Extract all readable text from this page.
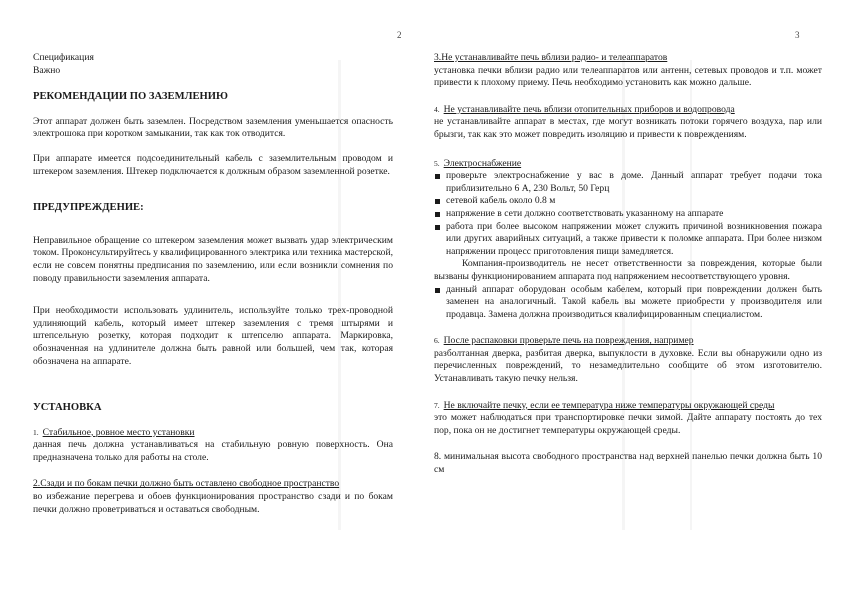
2

Спецификация

Важно

РЕКОМЕНДАЦИИ ПО ЗАЗЕМЛЕНИЮ

Этот аппарат должен быть заземлен. Посредством заземления уменьшается опасность электрошока при коротком замыкании, так как ток отводится.

При аппарате имеется подсоединительный кабель с заземлительным проводом и штекером заземления. Штекер подключается к должным образом заземленной розетке.

ПРЕДУПРЕЖДЕНИЕ:

Неправильное обращение со штекером заземления может вызвать удар электрическим током. Проконсультируйтесь у квалифицированного электрика или техника мастерской, если не совсем понятны предписания по заземлению, или если возникли сомнения по поводу правильности заземления аппарата.

При необходимости использовать удлинитель, используйте только трех-проводной удлиняющий кабель, который имеет штекер заземления с тремя штырями и штепсельную розетку, которая подходит к штепселю аппарата. Маркировка, обозначенная на удлинителе должна быть равной или большей, чем так, которая обозначена на аппарате.

УСТАНОВКА

1. Стабильное, ровное место установки

данная печь должна устанавливаться на стабильную ровную поверхность. Она предназначена только для работы на столе.

2.Сзади и по бокам печки должно быть оставлено свободное пространство

во избежание перегрева и обоев функционирования пространство сзади и по бокам печки должно проветриваться и оставаться свободным.

3

3.Не устанавливайте печь вблизи радио- и телеаппаратов

установка печки вблизи радио или телеаппаратов или антенн, сетевых проводов и т.п. может привести к плохому приему. Печь необходимо установить как можно дальше.

4. Не устанавливайте печь вблизи отопительных приборов и водопровода

не устанавливайте аппарат в местах, где могут возникать потоки горячего воздуха, пар или брызги, так как это может повредить изоляцию и привести к повреждениям.

5. Электроснабжение

проверьте электроснабжение у вас в доме. Данный аппарат требует подачи тока приблизительно 6 А, 230 Вольт, 50 Герц
сетевой кабель около 0.8 м
напряжение в сети должно соответствовать указанному на аппарате
работа при более высоком напряжении может служить причиной возникновения пожара или других аварийных ситуаций, а также привести к поломке аппарата. При более низком напряжении процесс приготовления пищи замедляется.

Компания-производитель не несет ответственности за повреждения, которые были вызваны функционированием аппарата под напряжением несоответствующего уровня.

данный аппарат оборудован особым кабелем, который при повреждении должен быть заменен на аналогичный. Такой кабель вы можете приобрести у производителя или продавца. Замена должна производиться квалифицированным специалистом.

6. После распаковки проверьте печь на повреждения, например

разболтанная дверка, разбитая дверка, выпуклости в духовке. Если вы обнаружили одно из перечисленных повреждений, то незамедлительно сообщите об этом изготовителю. Устанавливать такую печку нельзя.

7. Не включайте печку, если ее температура ниже температуры окружающей среды

это может наблюдаться при транспортировке печки зимой. Дайте аппарату постоять до тех пор, пока он не достигнет температуры окружающей среды.

8. минимальная высота свободного пространства над верхней панелью печки должна быть 10 см
